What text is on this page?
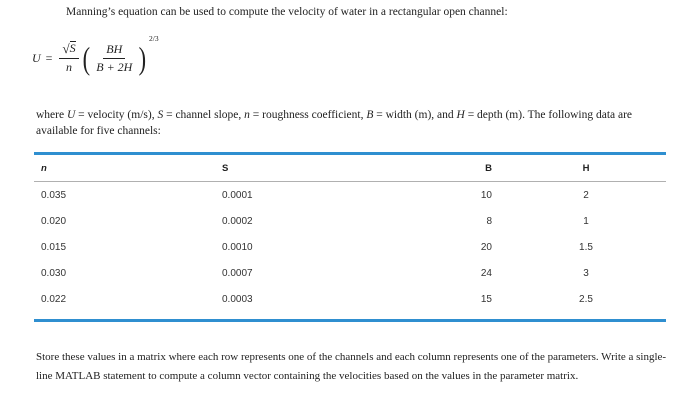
Manning’s equation can be used to compute the velocity of water in a rectangular open channel:
$U = \frac{√ S}{n}$ ( $\frac{BH}{B + 2H}$ )
2/3
where U = velocity (m/s), S = channel slope, n = roughness coefficient, B = width (m), and H = depth (m). The following data are available for five channels:
n	S	B	H
0.035	0.0001	10	2
0.020	0.0002	8	1
0.015	0.0010	20	1.5
0.030	0.0007	24	3
0.022	0.0003	15	2.5
Store these values in a matrix where each row represents one of the channels and each column represents one of the parameters. Write a single-line MATLAB statement to compute a column vector containing the velocities based on the values in the parameter matrix.
